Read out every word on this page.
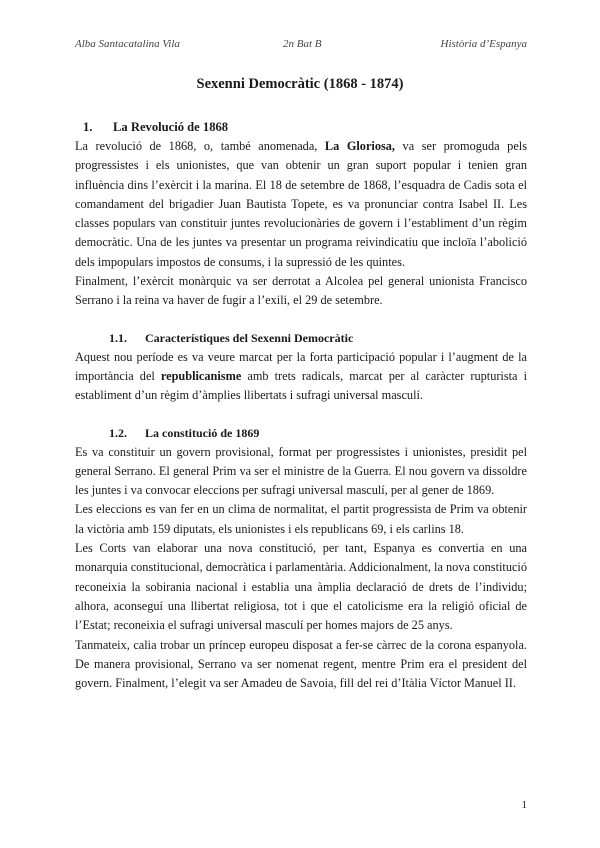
Alba Santacatalina Vila	2n Bat B	Història d’Espanya
Sexenni Democràtic (1868 - 1874)
1. La Revolució de 1868

La revolució de 1868, o, també anomenada, La Gloriosa, va ser promoguda pels progressistes i els unionistes, que van obtenir un gran suport popular i tenien gran influència dins l’exèrcit i la marina. El 18 de setembre de 1868, l’esquadra de Cadis sota el comandament del brigadier Juan Bautista Topete, es va pronunciar contra Isabel II. Les classes populars van constituir juntes revolucionàries de govern i l’establiment d’un règim democràtic. Una de les juntes va presentar un programa reivindicatiu que incloïa l’abolició dels impopulars impostos de consums, i la supressió de les quintes.

Finalment, l’exèrcit monàrquic va ser derrotat a Alcolea pel general unionista Francisco Serrano i la reina va haver de fugir a l’exili, el 29 de setembre.

1.1. Característiques del Sexenni Democràtic

Aquest nou període es va veure marcat per la forta participació popular i l’augment de la importància del republicanisme amb trets radicals, marcat per al caràcter rupturista i establiment d’un règim d’àmplies llibertats i sufragi universal masculí.

1.2. La constitució de 1869

Es va constituir un govern provisional, format per progressistes i unionistes, presidit pel general Serrano. El general Prim va ser el ministre de la Guerra. El nou govern va dissoldre les juntes i va convocar eleccions per sufragi universal masculí, per al gener de 1869.

Les eleccions es van fer en un clima de normalitat, el partit progressista de Prim va obtenir la victòria amb 159 diputats, els unionistes i els republicans 69, i els carlins 18.

Les Corts van elaborar una nova constitució, per tant, Espanya es convertia en una monarquia constitucional, democràtica i parlamentària. Addicionalment, la nova constitució reconeixia la sobirania nacional i establia una àmplia declaració de drets de l’individu; alhora, aconseguí una llibertat religiosa, tot i que el catolicisme era la religió oficial de l’Estat; reconeixia el sufragi universal masculí per homes majors de 25 anys.

Tanmateix, calia trobar un príncep europeu disposat a fer-se càrrec de la corona espanyola. De manera provisional, Serrano va ser nomenat regent, mentre Prim era el president del govern. Finalment, l’elegit va ser Amadeu de Savoia, fill del rei d’Itàlia Víctor Manuel II.

1
